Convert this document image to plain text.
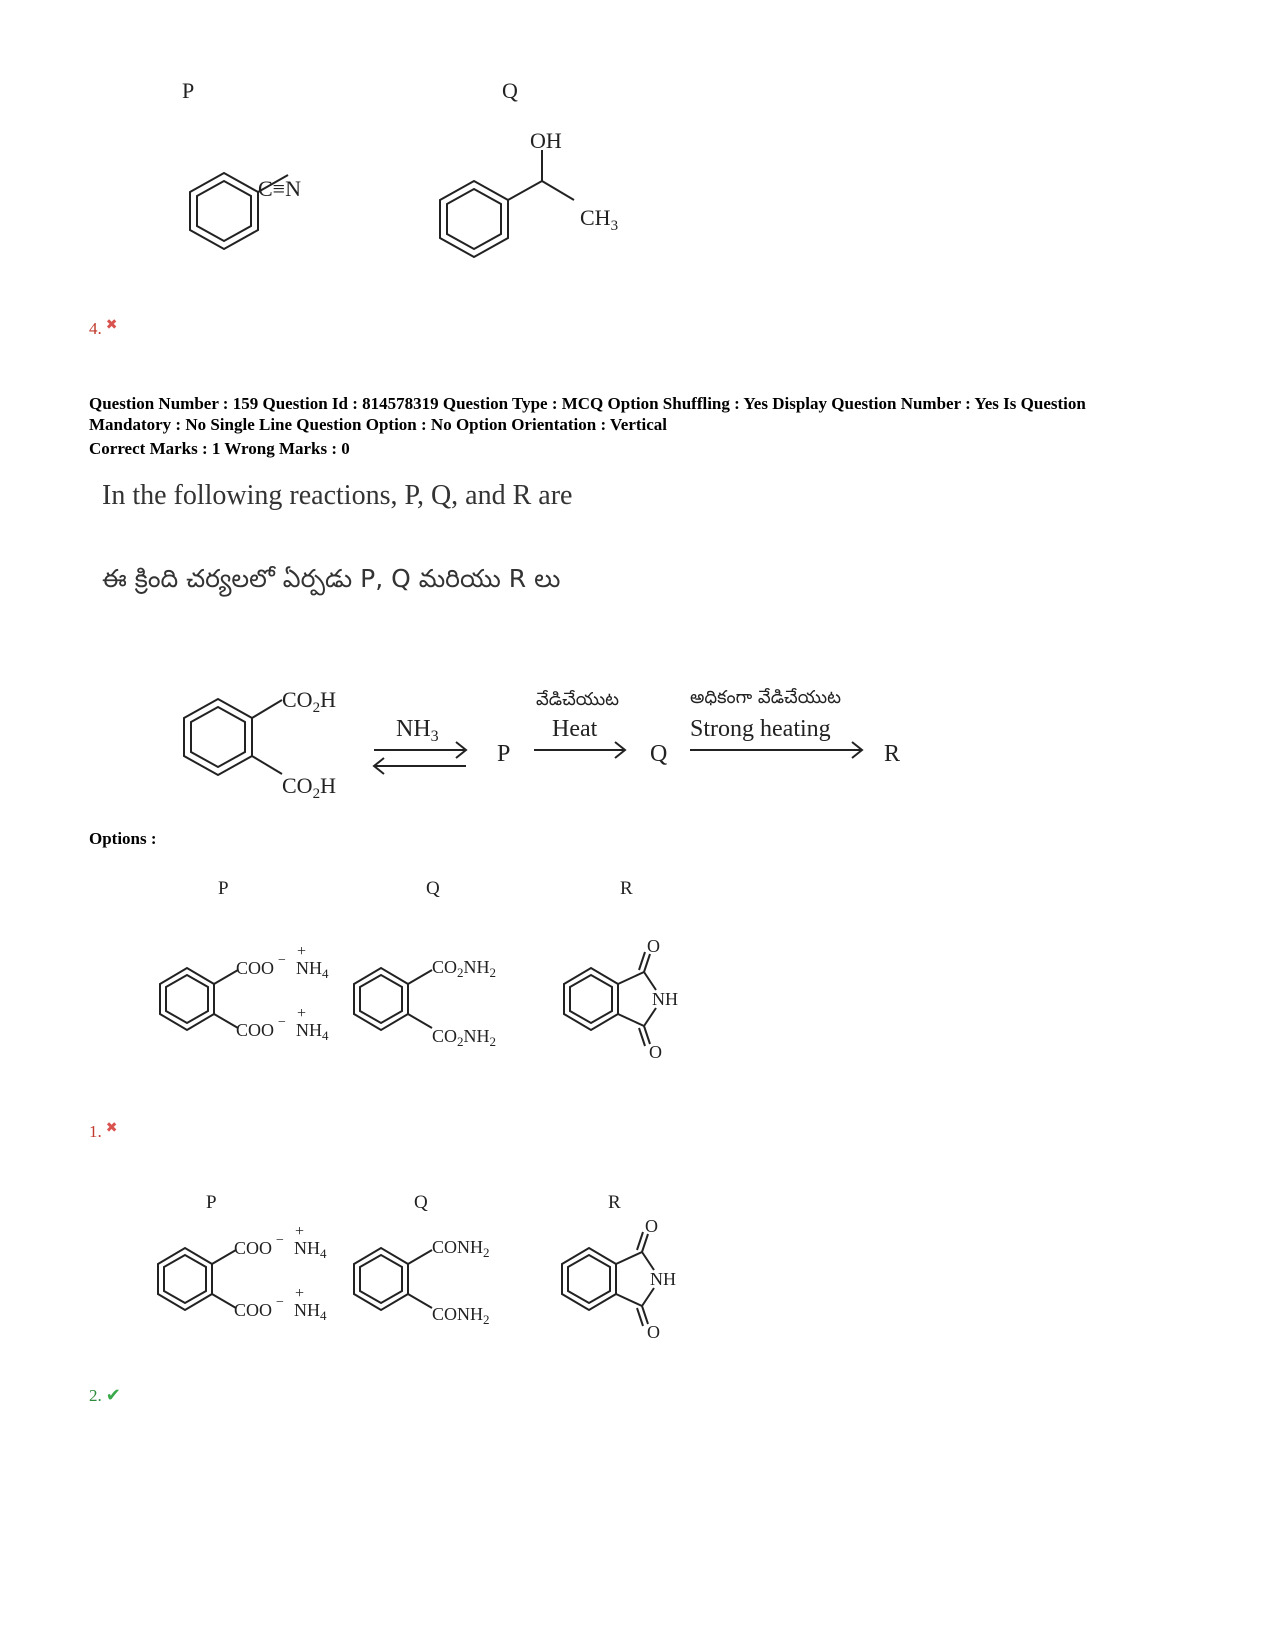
P
C≡N
Q
OH
$CH_3$
4. ✖
Question Number : 159 Question Id : 814578319 Question Type : MCQ Option Shuffling : Yes Display Question Number : Yes Is Question
Mandatory : No Single Line Question Option : No Option Orientation : Vertical
Correct Marks : 1 Wrong Marks : 0
In the following reactions, P, Q, and R are
ఈ క్రింది చర్యలలో ఏర్పడు P, Q మరియు R లు
$CO_2H$
$CO_2H$
$NH_3$
P
వేడిచేయుట
Heat
Q
అధికంగా వేడిచేయుట
Strong heating
R
Options :
P	Q	R
COO −
+
$NH_4$
COO −
+
$NH_4$
$CO_2NH_2$
$CO_2NH_2$
O
NH
O
1. ✖
P	Q	R
COO −
+
$NH_4$
COO −
+
$NH_4$
$CONH_2$
$CONH_2$
O
NH
O
2. ✔
